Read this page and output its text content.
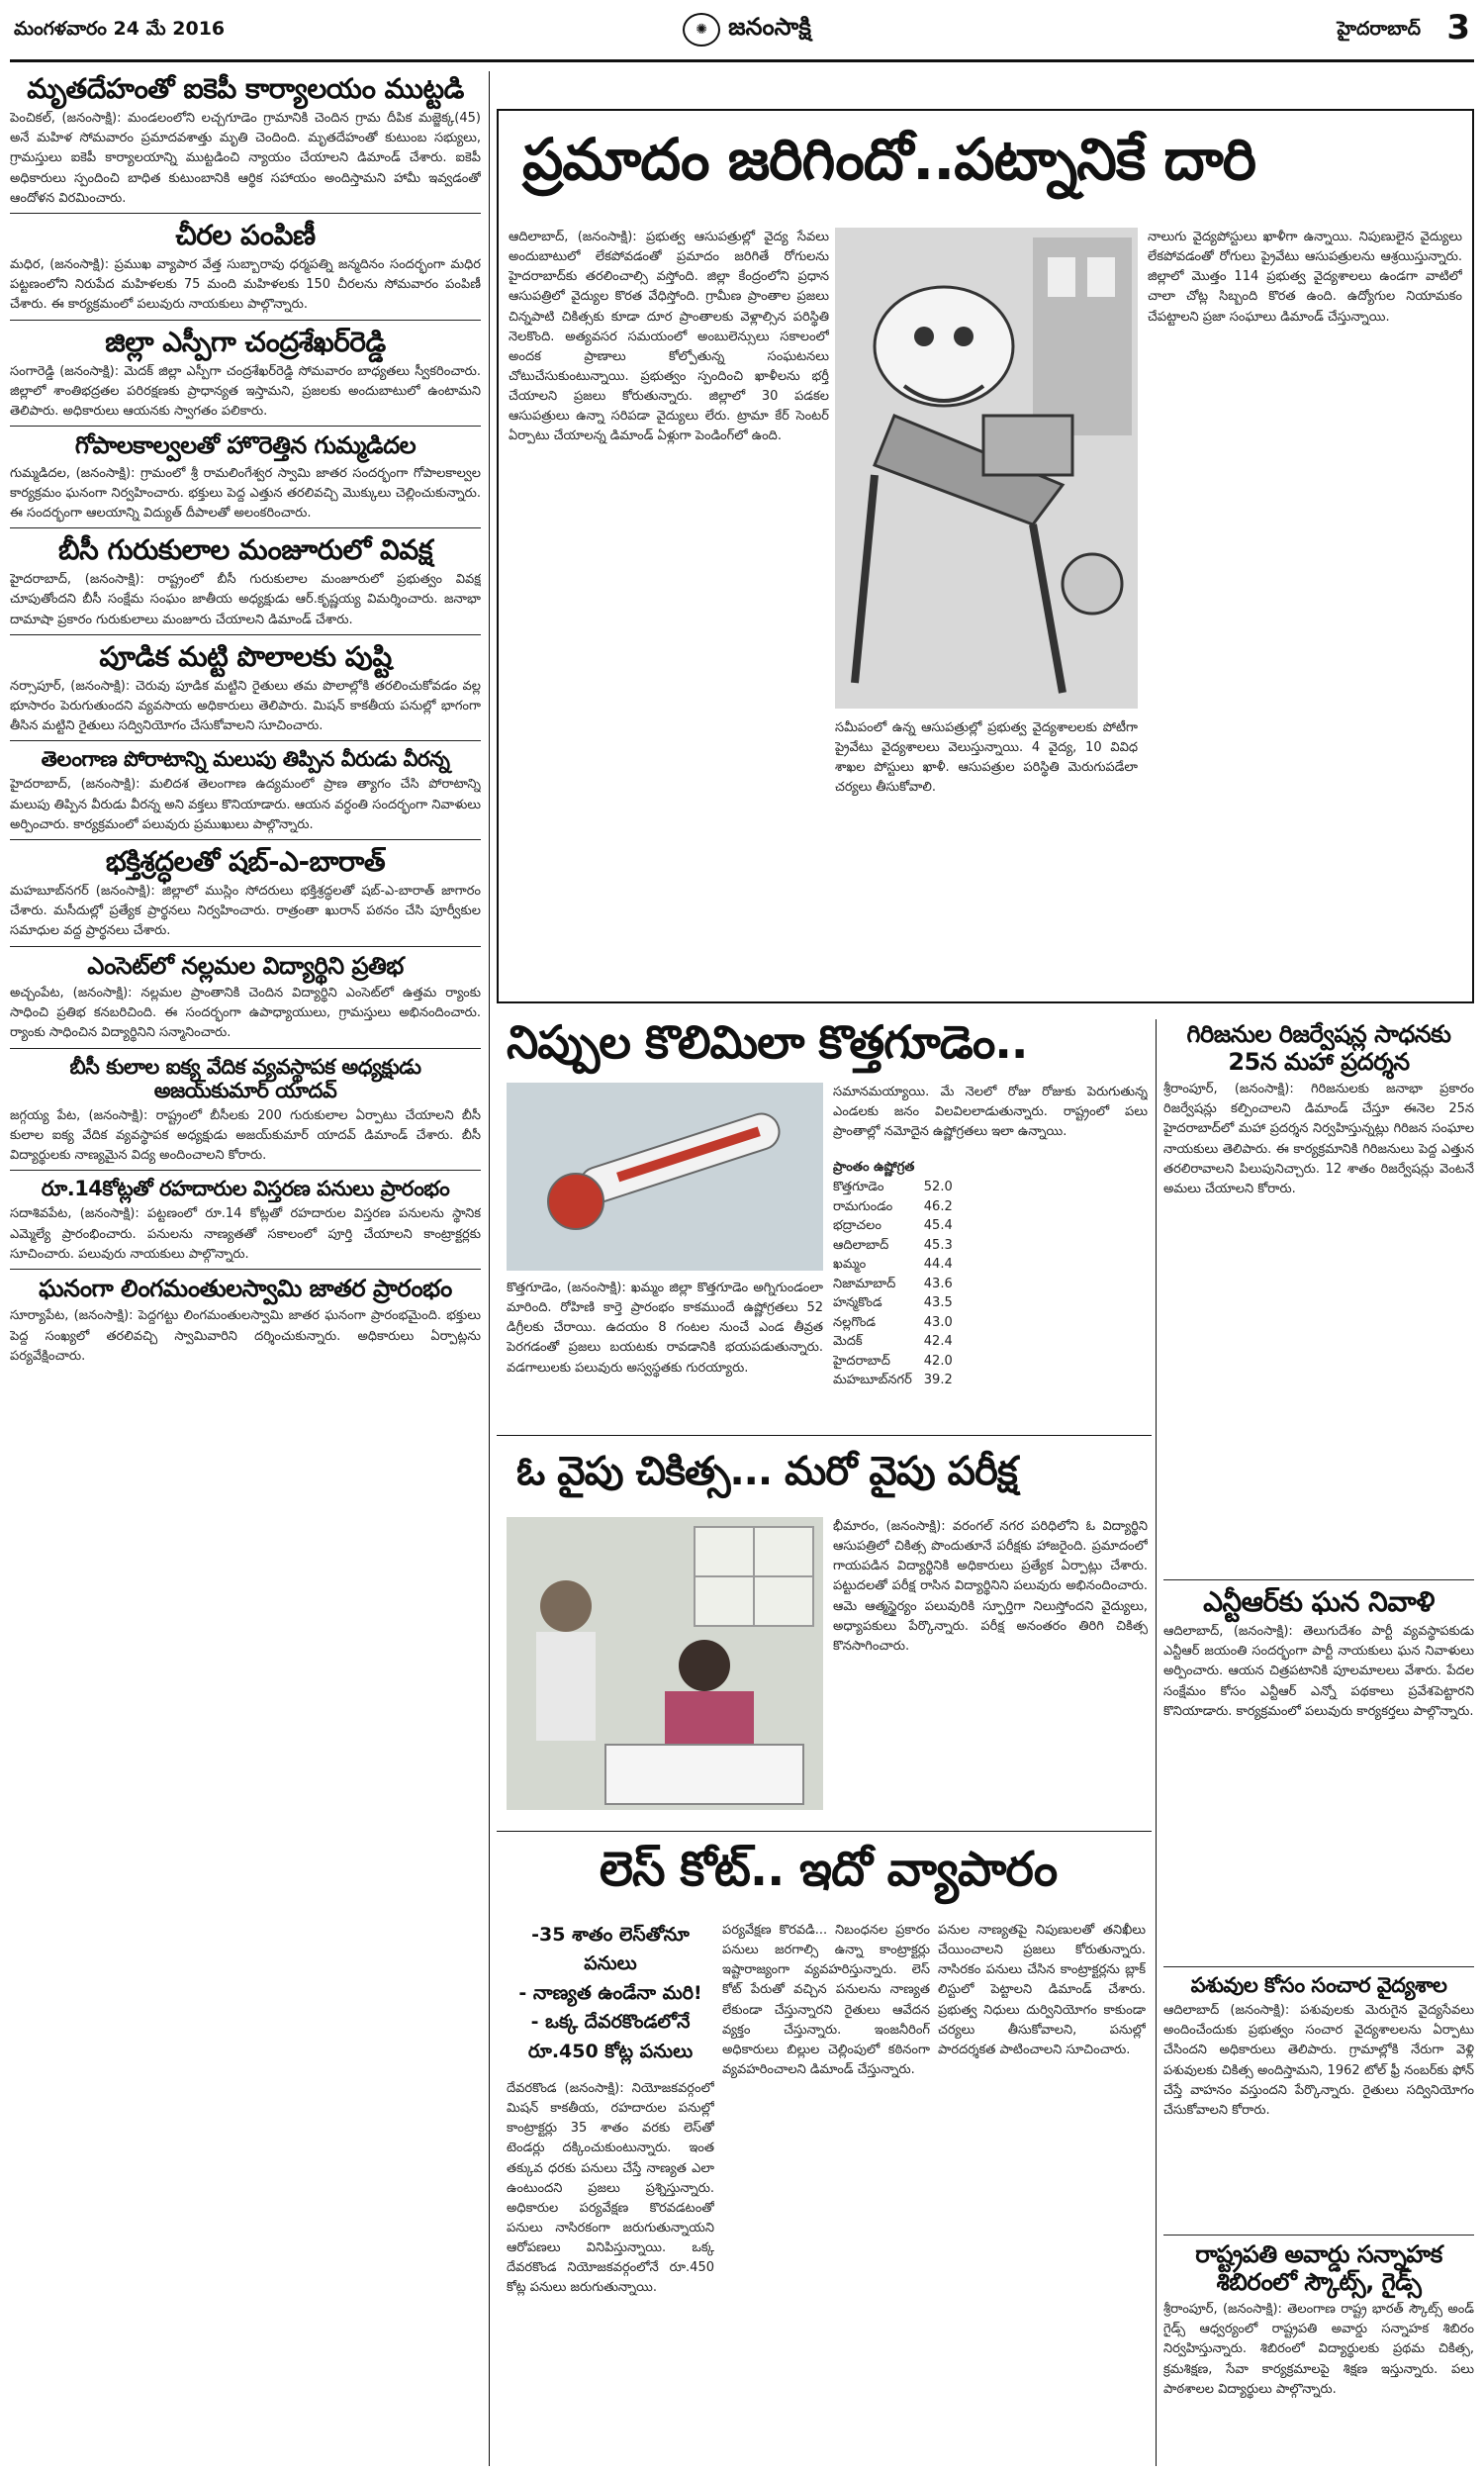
మంగళవారం 24 మే 2016	✺ జనంసాక్షి	హైదరాబాద్ 3
మృతదేహంతో ఐకెపీ కార్యాలయం ముట్టడి

పెంచికల్‌, (జనంసాక్షి): మండలంలోని లచ్చగూడెం గ్రామానికి చెందిన గ్రామ దీపిక మజ్జెక్క(45) అనే మహిళ సోమవారం ప్రమాదవశాత్తు మృతి చెందింది. మృతదేహంతో కుటుంబ సభ్యులు, గ్రామస్తులు ఐకెపీ కార్యాలయాన్ని ముట్టడించి న్యాయం చేయాలని డిమాండ్‌ చేశారు. ఐకెపీ అధికారులు స్పందించి బాధిత కుటుంబానికి ఆర్థిక సహాయం అందిస్తామని హామీ ఇవ్వడంతో ఆందోళన విరమించారు.

చీరల పంపిణీ

మధిర, (జనంసాక్షి): ప్రముఖ వ్యాపార వేత్త సుబ్బారావు ధర్మపత్ని జన్మదినం సందర్భంగా మధిర పట్టణంలోని నిరుపేద మహిళలకు 75 మంది మహిళలకు 150 చీరలను సోమవారం పంపిణీ చేశారు. ఈ కార్యక్రమంలో పలువురు నాయకులు పాల్గొన్నారు.

జిల్లా ఎస్పీగా చంద్రశేఖర్‌రెడ్డి

సంగారెడ్డి (జనంసాక్షి): మెదక్‌ జిల్లా ఎస్పీగా చంద్రశేఖర్‌రెడ్డి సోమవారం బాధ్యతలు స్వీకరించారు. జిల్లాలో శాంతిభద్రతల పరిరక్షణకు ప్రాధాన్యత ఇస్తామని, ప్రజలకు అందుబాటులో ఉంటామని తెలిపారు. అధికారులు ఆయనకు స్వాగతం పలికారు.

గోపాలకాల్వలతో హొరెత్తిన గుమ్మడిదల

గుమ్మడిదల, (జనంసాక్షి): గ్రామంలో శ్రీ రామలింగేశ్వర స్వామి జాతర సందర్భంగా గోపాలకాల్వల కార్యక్రమం ఘనంగా నిర్వహించారు. భక్తులు పెద్ద ఎత్తున తరలివచ్చి మొక్కులు చెల్లించుకున్నారు. ఈ సందర్భంగా ఆలయాన్ని విద్యుత్‌ దీపాలతో అలంకరించారు.

బీసీ గురుకులాల మంజూరులో వివక్ష

హైదరాబాద్‌, (జనంసాక్షి): రాష్ట్రంలో బీసీ గురుకులాల మంజూరులో ప్రభుత్వం వివక్ష చూపుతోందని బీసీ సంక్షేమ సంఘం జాతీయ అధ్యక్షుడు ఆర్‌.కృష్ణయ్య విమర్శించారు. జనాభా దామాషా ప్రకారం గురుకులాలు మంజూరు చేయాలని డిమాండ్‌ చేశారు.

పూడిక మట్టి పొలాలకు పుష్టి

నర్సాపూర్‌, (జనంసాక్షి): చెరువు పూడిక మట్టిని రైతులు తమ పొలాల్లోకి తరలించుకోవడం వల్ల భూసారం పెరుగుతుందని వ్యవసాయ అధికారులు తెలిపారు. మిషన్‌ కాకతీయ పనుల్లో భాగంగా తీసిన మట్టిని రైతులు సద్వినియోగం చేసుకోవాలని సూచించారు.

తెలంగాణ పోరాటాన్ని మలుపు తిప్పిన వీరుడు వీరన్న

హైదరాబాద్‌, (జనంసాక్షి): మలిదశ తెలంగాణ ఉద్యమంలో ప్రాణ త్యాగం చేసి పోరాటాన్ని మలుపు తిప్పిన వీరుడు వీరన్న అని వక్తలు కొనియాడారు. ఆయన వర్ధంతి సందర్భంగా నివాళులు అర్పించారు. కార్యక్రమంలో పలువురు ప్రముఖులు పాల్గొన్నారు.

భక్తిశ్రద్ధలతో షబ్‌-ఎ-బారాత్‌

మహబూబ్‌నగర్‌ (జనంసాక్షి): జిల్లాలో ముస్లిం సోదరులు భక్తిశ్రద్ధలతో షబ్‌-ఎ-బారాత్‌ జాగారం చేశారు. మసీదుల్లో ప్రత్యేక ప్రార్థనలు నిర్వహించారు. రాత్రంతా ఖురాన్‌ పఠనం చేసి పూర్వీకుల సమాధుల వద్ద ప్రార్థనలు చేశారు.

ఎంసెట్‌లో నల్లమల విద్యార్థిని ప్రతిభ

అచ్చంపేట, (జనంసాక్షి): నల్లమల ప్రాంతానికి చెందిన విద్యార్థిని ఎంసెట్‌లో ఉత్తమ ర్యాంకు సాధించి ప్రతిభ కనబరిచింది. ఈ సందర్భంగా ఉపాధ్యాయులు, గ్రామస్తులు అభినందించారు. ర్యాంకు సాధించిన విద్యార్థినిని సన్మానించారు.

బీసీ కులాల ఐక్య వేదిక వ్యవస్థాపక అధ్యక్షుడు అజయ్‌కుమార్‌ యాదవ్‌

జగ్గయ్య పేట, (జనంసాక్షి): రాష్ట్రంలో బీసీలకు 200 గురుకులాల ఏర్పాటు చేయాలని బీసీ కులాల ఐక్య వేదిక వ్యవస్థాపక అధ్యక్షుడు అజయ్‌కుమార్‌ యాదవ్‌ డిమాండ్‌ చేశారు. బీసీ విద్యార్థులకు నాణ్యమైన విద్య అందించాలని కోరారు.

రూ.14కోట్లతో రహదారుల విస్తరణ పనులు ప్రారంభం

సదాశివపేట, (జనంసాక్షి): పట్టణంలో రూ.14 కోట్లతో రహదారుల విస్తరణ పనులను స్థానిక ఎమ్మెల్యే ప్రారంభించారు. పనులను నాణ్యతతో సకాలంలో పూర్తి చేయాలని కాంట్రాక్టర్లకు సూచించారు. పలువురు నాయకులు పాల్గొన్నారు.

ఘనంగా లింగమంతులస్వామి జాతర ప్రారంభం

సూర్యాపేట, (జనంసాక్షి): పెద్దగట్టు లింగమంతులస్వామి జాతర ఘనంగా ప్రారంభమైంది. భక్తులు పెద్ద సంఖ్యలో తరలివచ్చి స్వామివారిని దర్శించుకున్నారు. అధికారులు ఏర్పాట్లను పర్యవేక్షించారు.

ప్రమాదం జరిగిందో..పట్నానికే దారి
ఆదిలాబాద్‌, (జనంసాక్షి): ప్రభుత్వ ఆసుపత్రుల్లో వైద్య సేవలు అందుబాటులో లేకపోవడంతో ప్రమాదం జరిగితే రోగులను హైదరాబాద్‌కు తరలించాల్సి వస్తోంది. జిల్లా కేంద్రంలోని ప్రధాన ఆసుపత్రిలో వైద్యుల కొరత వేధిస్తోంది. గ్రామీణ ప్రాంతాల ప్రజలు చిన్నపాటి చికిత్సకు కూడా దూర ప్రాంతాలకు వెళ్లాల్సిన పరిస్థితి నెలకొంది. అత్యవసర సమయంలో అంబులెన్సులు సకాలంలో అందక ప్రాణాలు కోల్పోతున్న సంఘటనలు చోటుచేసుకుంటున్నాయి. ప్రభుత్వం స్పందించి ఖాళీలను భర్తీ చేయాలని ప్రజలు కోరుతున్నారు. జిల్లాలో 30 పడకల ఆసుపత్రులు ఉన్నా సరిపడా వైద్యులు లేరు. ట్రామా కేర్‌ సెంటర్‌ ఏర్పాటు చేయాలన్న డిమాండ్‌ ఏళ్లుగా పెండింగ్‌లో ఉంది.
నాలుగు వైద్యపోస్టులు ఖాళీగా ఉన్నాయి. నిపుణులైన వైద్యులు లేకపోవడంతో రోగులు ప్రైవేటు ఆసుపత్రులను ఆశ్రయిస్తున్నారు. జిల్లాలో మొత్తం 114 ప్రభుత్వ వైద్యశాలలు ఉండగా వాటిలో చాలా చోట్ల సిబ్బంది కొరత ఉంది. ఉద్యోగుల నియామకం చేపట్టాలని ప్రజా సంఘాలు డిమాండ్‌ చేస్తున్నాయి.
సమీపంలో ఉన్న ఆసుపత్రుల్లో ప్రభుత్వ వైద్యశాలలకు పోటీగా ప్రైవేటు వైద్యశాలలు వెలుస్తున్నాయి. 4 వైద్య, 10 వివిధ శాఖల పోస్టులు ఖాళీ. ఆసుపత్రుల పరిస్థితి మెరుగుపడేలా చర్యలు తీసుకోవాలి.
నిప్పుల కొలిమిలా కొత్తగూడెం..
కొత్తగూడెం, (జనంసాక్షి): ఖమ్మం జిల్లా కొత్తగూడెం అగ్నిగుండంలా మారింది. రోహిణి కార్తె ప్రారంభం కాకముందే ఉష్ణోగ్రతలు 52 డిగ్రీలకు చేరాయి. ఉదయం 8 గంటల నుంచే ఎండ తీవ్రత పెరగడంతో ప్రజలు బయటకు రావడానికి భయపడుతున్నారు. వడగాలులకు పలువురు అస్వస్థతకు గురయ్యారు.
సమానమయ్యాయి. మే నెలలో రోజు రోజుకు పెరుగుతున్న ఎండలకు జనం విలవిలలాడుతున్నారు. రాష్ట్రంలో పలు ప్రాంతాల్లో నమోదైన ఉష్ణోగ్రతలు ఇలా ఉన్నాయి.
ప్రాంతం ఉష్ణోగ్రత
కొత్తగూడెం	52.0
రామగుండం	46.2
భద్రాచలం	45.4
ఆదిలాబాద్‌	45.3
ఖమ్మం	44.4
నిజామాబాద్‌	43.6
హన్మకొండ	43.5
నల్లగొండ	43.0
మెదక్‌	42.4
హైదరాబాద్‌	42.0
మహబూబ్‌నగర్‌	39.2
ఓ వైపు చికిత్స... మరో వైపు పరీక్ష
భీమారం, (జనంసాక్షి): వరంగల్‌ నగర పరిధిలోని ఓ విద్యార్థిని ఆసుపత్రిలో చికిత్స పొందుతూనే పరీక్షకు హాజరైంది. ప్రమాదంలో గాయపడిన విద్యార్థినికి అధికారులు ప్రత్యేక ఏర్పాట్లు చేశారు. పట్టుదలతో పరీక్ష రాసిన విద్యార్థినిని పలువురు అభినందించారు. ఆమె ఆత్మస్థైర్యం పలువురికి స్ఫూర్తిగా నిలుస్తోందని వైద్యులు, అధ్యాపకులు పేర్కొన్నారు. పరీక్ష అనంతరం తిరిగి చికిత్స కొనసాగించారు.
లెస్‌ కోట్‌.. ఇదో వ్యాపారం
-35 శాతం లెస్‌తోనూ పనులు
- నాణ్యత ఉండేనా మరి!
- ఒక్క దేవరకొండలోనే రూ.450 కోట్ల పనులు
దేవరకొండ (జనంసాక్షి): నియోజకవర్గంలో మిషన్‌ కాకతీయ, రహదారుల పనుల్లో కాంట్రాక్టర్లు 35 శాతం వరకు లెస్‌తో టెండర్లు దక్కించుకుంటున్నారు. ఇంత తక్కువ ధరకు పనులు చేస్తే నాణ్యత ఎలా ఉంటుందని ప్రజలు ప్రశ్నిస్తున్నారు. అధికారుల పర్యవేక్షణ కొరవడటంతో పనులు నాసిరకంగా జరుగుతున్నాయని ఆరోపణలు వినిపిస్తున్నాయి. ఒక్క దేవరకొండ నియోజకవర్గంలోనే రూ.450 కోట్ల పనులు జరుగుతున్నాయి.
పర్యవేక్షణ కొరవడి... నిబంధనల ప్రకారం పనులు జరగాల్సి ఉన్నా కాంట్రాక్టర్లు ఇష్టారాజ్యంగా వ్యవహరిస్తున్నారు. లెస్‌ కోట్‌ పేరుతో వచ్చిన పనులను నాణ్యత లేకుండా చేస్తున్నారని రైతులు ఆవేదన వ్యక్తం చేస్తున్నారు. ఇంజనీరింగ్‌ అధికారులు బిల్లుల చెల్లింపులో కఠినంగా వ్యవహరించాలని డిమాండ్‌ చేస్తున్నారు.
పనుల నాణ్యతపై నిపుణులతో తనిఖీలు చేయించాలని ప్రజలు కోరుతున్నారు. నాసిరకం పనులు చేసిన కాంట్రాక్టర్లను బ్లాక్‌ లిస్టులో పెట్టాలని డిమాండ్‌ చేశారు. ప్రభుత్వ నిధులు దుర్వినియోగం కాకుండా చర్యలు తీసుకోవాలని, పనుల్లో పారదర్శకత పాటించాలని సూచించారు.
గిరిజనుల రిజర్వేషన్ల సాధనకు 25న మహా ప్రదర్శన

శ్రీరాంపూర్‌, (జనంసాక్షి): గిరిజనులకు జనాభా ప్రకారం రిజర్వేషన్లు కల్పించాలని డిమాండ్‌ చేస్తూ ఈనెల 25న హైదరాబాద్‌లో మహా ప్రదర్శన నిర్వహిస్తున్నట్లు గిరిజన సంఘాల నాయకులు తెలిపారు. ఈ కార్యక్రమానికి గిరిజనులు పెద్ద ఎత్తున తరలిరావాలని పిలుపునిచ్చారు. 12 శాతం రిజర్వేషన్లు వెంటనే అమలు చేయాలని కోరారు.

ఎన్టీఆర్‌కు ఘన నివాళి

ఆదిలాబాద్‌, (జనంసాక్షి): తెలుగుదేశం పార్టీ వ్యవస్థాపకుడు ఎన్టీఆర్‌ జయంతి సందర్భంగా పార్టీ నాయకులు ఘన నివాళులు అర్పించారు. ఆయన చిత్రపటానికి పూలమాలలు వేశారు. పేదల సంక్షేమం కోసం ఎన్టీఆర్‌ ఎన్నో పథకాలు ప్రవేశపెట్టారని కొనియాడారు. కార్యక్రమంలో పలువురు కార్యకర్తలు పాల్గొన్నారు.

పశువుల కోసం సంచార వైద్యశాల

ఆదిలాబాద్‌ (జనంసాక్షి): పశువులకు మెరుగైన వైద్యసేవలు అందించేందుకు ప్రభుత్వం సంచార వైద్యశాలలను ఏర్పాటు చేసిందని అధికారులు తెలిపారు. గ్రామాల్లోకి నేరుగా వెళ్లి పశువులకు చికిత్స అందిస్తామని, 1962 టోల్‌ ఫ్రీ నంబర్‌కు ఫోన్‌ చేస్తే వాహనం వస్తుందని పేర్కొన్నారు. రైతులు సద్వినియోగం చేసుకోవాలని కోరారు.

రాష్ట్రపతి అవార్డు సన్నాహక శిబిరంలో స్కౌట్స్‌, గైడ్స్‌

శ్రీరాంపూర్‌, (జనంసాక్షి): తెలంగాణ రాష్ట్ర భారత్‌ స్కౌట్స్‌ అండ్‌ గైడ్స్‌ ఆధ్వర్యంలో రాష్ట్రపతి అవార్డు సన్నాహక శిబిరం నిర్వహిస్తున్నారు. శిబిరంలో విద్యార్థులకు ప్రథమ చికిత్స, క్రమశిక్షణ, సేవా కార్యక్రమాలపై శిక్షణ ఇస్తున్నారు. పలు పాఠశాలల విద్యార్థులు పాల్గొన్నారు.
